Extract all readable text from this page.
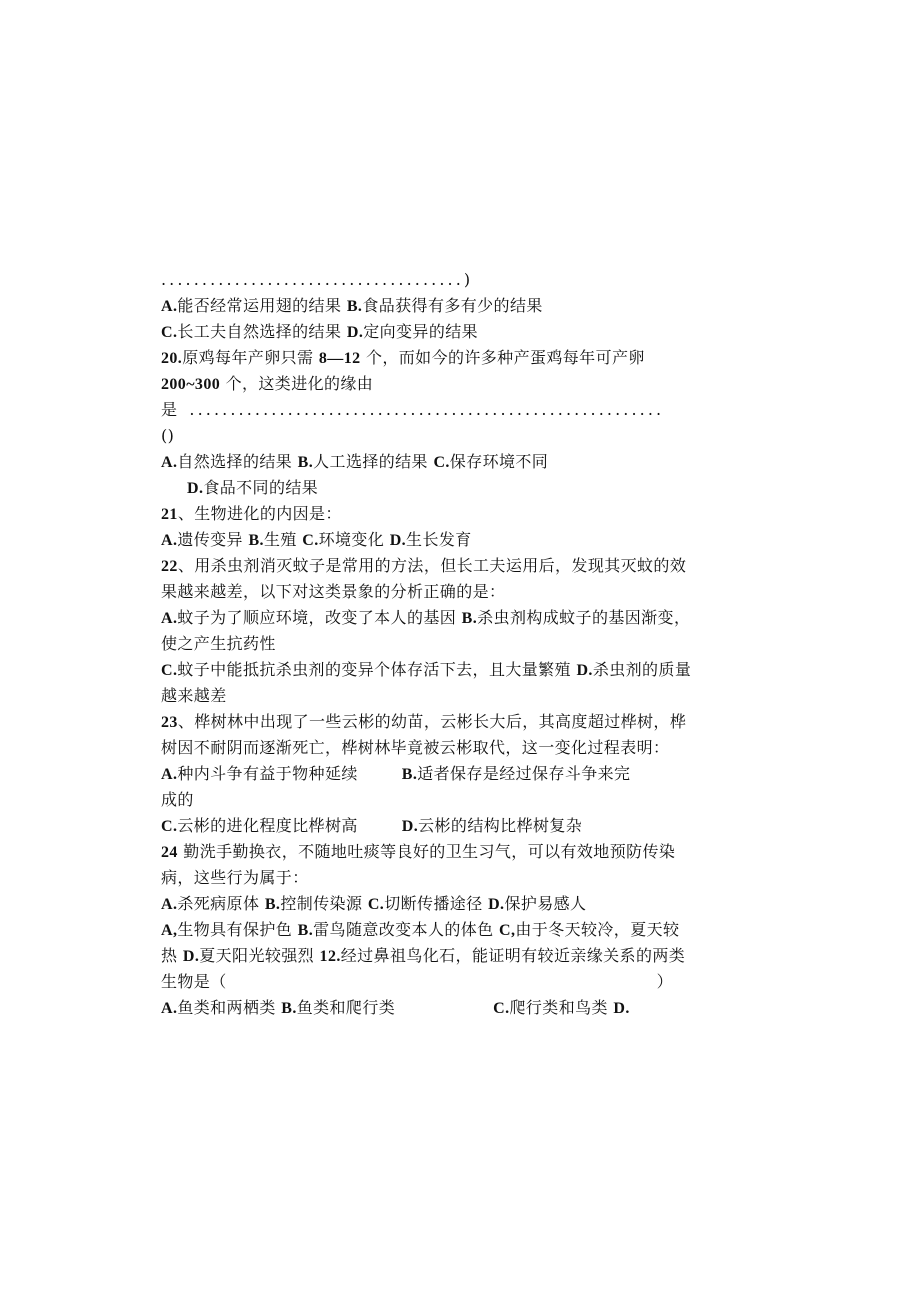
.....................................)
A.能否经常运用翅的结果 B.食品获得有多有少的结果
C.长工夫自然选择的结果 D.定向变异的结果
20.原鸡每年产卵只需 8—12 个，而如今的许多种产蛋鸡每年可产卵
200~300 个，这类进化的缘由
是 ..........................................................
()
A.自然选择的结果 B.人工选择的结果 C.保存环境不同
D.食品不同的结果
21、生物进化的内因是：
A.遗传变异 B.生殖 C.环境变化 D.生长发育
22、用杀虫剂消灭蚊子是常用的方法，但长工夫运用后，发现其灭蚊的效
果越来越差，以下对这类景象的分析正确的是：
A.蚊子为了顺应环境，改变了本人的基因 B.杀虫剂构成蚊子的基因渐变，
使之产生抗药性
C.蚊子中能抵抗杀虫剂的变异个体存活下去，且大量繁殖 D.杀虫剂的质量
越来越差
23、桦树林中出现了一些云彬的幼苗，云彬长大后，其高度超过桦树，桦
树因不耐阴而逐渐死亡，桦树林毕竟被云彬取代，这一变化过程表明：
A.种内斗争有益于物种延续	B.适者保存是经过保存斗争来完
成的
C.云彬的进化程度比桦树高	D.云彬的结构比桦树复杂
24 勤洗手勤换衣，不随地吐痰等良好的卫生习气，可以有效地预防传染
病，这些行为属于：
A.杀死病原体 B.控制传染源 C.切断传播途径 D.保护易感人
A,生物具有保护色 B.雷鸟随意改变本人的体色 C,由于冬天较冷，夏天较
热 D.夏天阳光较强烈 12.经过鼻祖鸟化石，能证明有较近亲缘关系的两类
生物是（	）
A.鱼类和两栖类 B.鱼类和爬行类	C.爬行类和鸟类 D.
